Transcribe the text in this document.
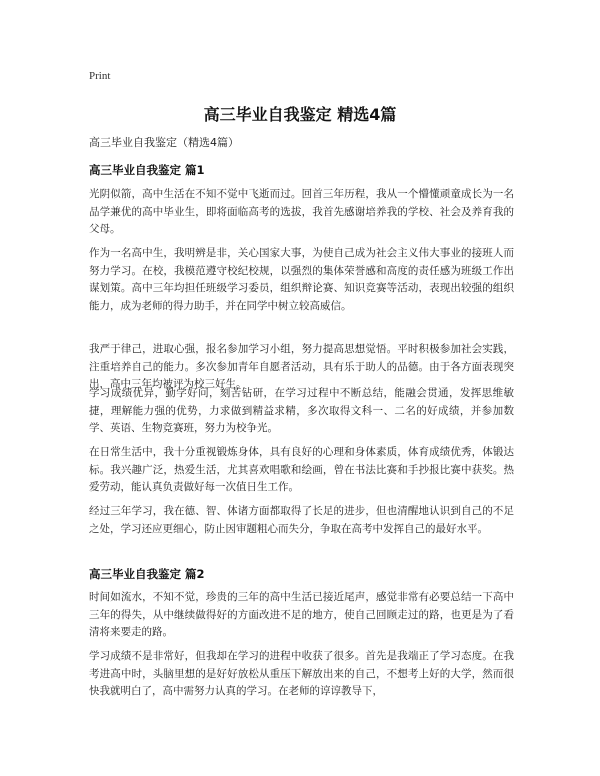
Print
高三毕业自我鉴定 精选4篇
高三毕业自我鉴定（精选4篇）
高三毕业自我鉴定 篇1

光阴似箭，高中生活在不知不觉中飞逝而过。回首三年历程，我从一个懵懂顽童成长为一名品学兼优的高中毕业生，即将面临高考的选拔，我首先感谢培养我的学校、社会及养育我的父母。

作为一名高中生，我明辨是非，关心国家大事，为使自己成为社会主义伟大事业的接班人而努力学习。在校，我模范遵守校纪校规，以强烈的集体荣誉感和高度的责任感为班级工作出谋划策。高中三年均担任班级学习委员，组织辩论赛、知识竞赛等活动，表现出较强的组织能力，成为老师的得力助手，并在同学中树立较高威信。

我严于律己，进取心强，报名参加学习小组，努力提高思想觉悟。平时积极参加社会实践，注重培养自己的能力。多次参加青年自愿者活动，具有乐于助人的品德。由于各方面表现突出，高中三年均被评为校三好生。

学习成绩优异，勤学好问，刻苦钻研，在学习过程中不断总结，能融会贯通，发挥思维敏捷，理解能力强的优势，力求做到精益求精，多次取得文科一、二名的好成绩，并参加数学、英语、生物竞赛班，努力为校争光。

在日常生活中，我十分重视锻炼身体，具有良好的心理和身体素质，体育成绩优秀，体锻达标。我兴趣广泛，热爱生活，尤其喜欢唱歌和绘画，曾在书法比赛和手抄报比赛中获奖。热爱劳动，能认真负责做好每一次值日生工作。

经过三年学习，我在德、智、体诸方面都取得了长足的进步，但也清醒地认识到自己的不足之处，学习还应更细心，防止因审题粗心而失分，争取在高考中发挥自己的最好水平。

高三毕业自我鉴定 篇2

时间如流水，不知不觉，珍贵的三年的高中生活已接近尾声，感觉非常有必要总结一下高中三年的得失，从中继续做得好的方面改进不足的地方，使自己回顾走过的路，也更是为了看清将来要走的路。

学习成绩不是非常好，但我却在学习的进程中收获了很多。首先是我端正了学习态度。在我考进高中时，头脑里想的是好好放松从重压下解放出来的自己，不想考上好的大学，然而很快我就明白了，高中需努力认真的学习。在老师的谆谆教导下，
